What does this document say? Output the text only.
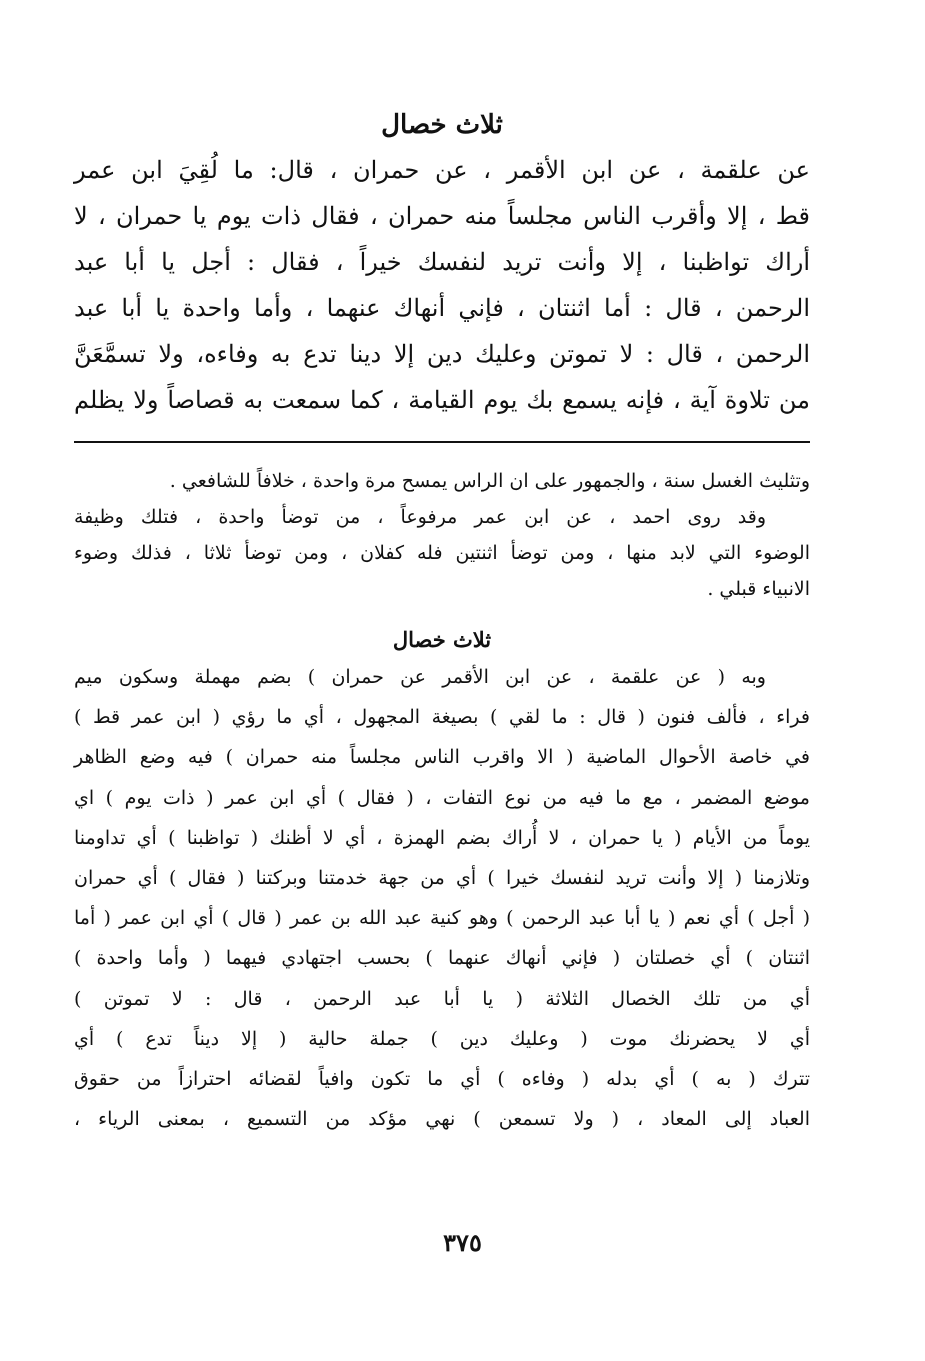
ثلاث خصال
عن علقمة ، عن ابن الأقمر ، عن حمران ، قال: ما لُقِيَ ابن عمر
قط ، إلا وأقرب الناس مجلساً منه حمران ، فقال ذات يوم يا حمران ، لا
أراك تواظبنا ، إلا وأنت تريد لنفسك خيراً ، فقال : أجل يا أبا عبد
الرحمن ، قال : أما اثنتان ، فإني أنهاك عنهما ، وأما واحدة يا أبا عبد
الرحمن ، قال : لا تموتن وعليك دين إلا دينا تدع به وفاءه، ولا تسمَّعَنَّ
من تلاوة آية ، فإنه يسمع بك يوم القيامة ، كما سمعت به قصاصاً ولا يظلم
وتثليث الغسل سنة ، والجمهور على ان الراس يمسح مرة واحدة ، خلافاً للشافعي .
وقد روى احمد ، عن ابن عمر مرفوعاً ، من توضأ واحدة ، فتلك وظيفة
الوضوء التي لابد منها ، ومن توضأ اثنتين فله كفلان ، ومن توضأ ثلاثا ، فذلك وضوء
الانبياء قبلي .
ثلاث خصال
وبه ( عن علقمة ، عن ابن الأقمر عن حمران ) بضم مهملة وسكون ميم
فراء ، فألف فنون ( قال : ما لقي ) بصيغة المجهول ، أي ما رؤي ( ابن عمر قط )
في خاصة الأحوال الماضية ( الا واقرب الناس مجلساً منه حمران ) فيه وضع الظاهر
موضع المضمر ، مع ما فيه من نوع التفات ، ( فقال ) أي ابن عمر ( ذات يوم ) اي
يوماً من الأيام ( يا حمران ، لا أُراك بضم الهمزة ، أي لا أظنك ( تواظبنا ) أي تداومنا
وتلازمنا ( إلا وأنت تريد لنفسك خيرا ) أي من جهة خدمتنا وبركتنا ( فقال ) أي حمران
( أجل ) أي نعم ( يا أبا عبد الرحمن ) وهو كنية عبد الله بن عمر ( قال ) أي ابن عمر ( أما
اثنتان ) أي خصلتان ( فإني أنهاك عنهما ) بحسب اجتهادي فيهما ( وأما واحدة )
أي من تلك الخصال الثلاثة ( يا أبا عبد الرحمن ، قال : لا تموتن )
أي لا يحضرنك موت ( وعليك دين ) جملة حالية ( إلا ديناً تدع ) أي
تترك ( به ) أي بدله ( وفاءه ) أي ما تكون وافياً لقضائه احترازاً من حقوق
العباد إلى المعاد ، ( ولا تسمعن ) نهي مؤكد من التسميع ، بمعنى الرياء ،
٣٧٥
